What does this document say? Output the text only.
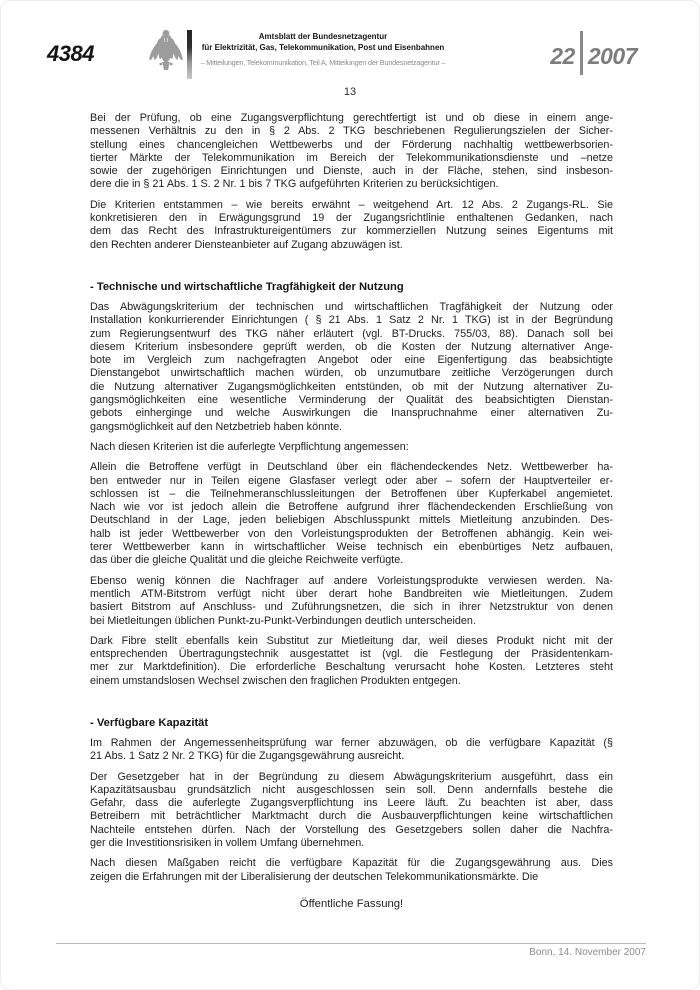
4384
Amtsblatt der Bundesnetzagentur
für Elektrizität, Gas, Telekommunikation, Post und Eisenbahnen
– Mitteilungen, Telekommunikation, Teil A, Mitteilungen der Bundesnetzagentur –	22 2007
13
Bei der Prüfung, ob eine Zugangsverpflichtung gerechtfertigt ist und ob diese in einem ange-
messenen Verhältnis zu den in § 2 Abs. 2 TKG beschriebenen Regulierungszielen der Sicher-
stellung eines chancengleichen Wettbewerbs und der Förderung nachhaltig wettbewerbsorien-
tierter Märkte der Telekommunikation im Bereich der Telekommunikationsdienste und –netze
sowie der zugehörigen Einrichtungen und Dienste, auch in der Fläche, stehen, sind insbeson-
dere die in § 21 Abs. 1 S. 2 Nr. 1 bis 7 TKG aufgeführten Kriterien zu berücksichtigen.
Die Kriterien entstammen – wie bereits erwähnt – weitgehend Art. 12 Abs. 2 Zugangs-RL. Sie
konkretisieren den in Erwägungsgrund 19 der Zugangsrichtlinie enthaltenen Gedanken, nach
dem das Recht des Infrastruktureigentümers zur kommerziellen Nutzung seines Eigentums mit
den Rechten anderer Diensteanbieter auf Zugang abzuwägen ist.
- Technische und wirtschaftliche Tragfähigkeit der Nutzung
Das Abwägungskriterium der technischen und wirtschaftlichen Tragfähigkeit der Nutzung oder
Installation konkurrierender Einrichtungen ( § 21 Abs. 1 Satz 2 Nr. 1 TKG) ist in der Begründung
zum Regierungsentwurf des TKG näher erläutert (vgl. BT-Drucks. 755/03, 88). Danach soll bei
diesem Kriterium insbesondere geprüft werden, ob die Kosten der Nutzung alternativer Ange-
bote im Vergleich zum nachgefragten Angebot oder eine Eigenfertigung das beabsichtigte
Dienstangebot unwirtschaftlich machen würden, ob unzumutbare zeitliche Verzögerungen durch
die Nutzung alternativer Zugangsmöglichkeiten entstünden, ob mit der Nutzung alternativer Zu-
gangsmöglichkeiten eine wesentliche Verminderung der Qualität des beabsichtigten Dienstan-
gebots einherginge und welche Auswirkungen die Inanspruchnahme einer alternativen Zu-
gangsmöglichkeit auf den Netzbetrieb haben könnte.
Nach diesen Kriterien ist die auferlegte Verpflichtung angemessen:
Allein die Betroffene verfügt in Deutschland über ein flächendeckendes Netz. Wettbewerber ha-
ben entweder nur in Teilen eigene Glasfaser verlegt oder aber – sofern der Hauptverteiler er-
schlossen ist – die Teilnehmeranschlussleitungen der Betroffenen über Kupferkabel angemietet.
Nach wie vor ist jedoch allein die Betroffene aufgrund ihrer flächendeckenden Erschließung von
Deutschland in der Lage, jeden beliebigen Abschlusspunkt mittels Mietleitung anzubinden. Des-
halb ist jeder Wettbewerber von den Vorleistungsprodukten der Betroffenen abhängig. Kein wei-
terer Wettbewerber kann in wirtschaftlicher Weise technisch ein ebenbürtiges Netz aufbauen,
das über die gleiche Qualität und die gleiche Reichweite verfügte.
Ebenso wenig können die Nachfrager auf andere Vorleistungsprodukte verwiesen werden. Na-
mentlich ATM-Bitstrom verfügt nicht über derart hohe Bandbreiten wie Mietleitungen. Zudem
basiert Bitstrom auf Anschluss- und Zuführungsnetzen, die sich in ihrer Netzstruktur von denen
bei Mietleitungen üblichen Punkt-zu-Punkt-Verbindungen deutlich unterscheiden.
Dark Fibre stellt ebenfalls kein Substitut zur Mietleitung dar, weil dieses Produkt nicht mit der
entsprechenden Übertragungstechnik ausgestattet ist (vgl. die Festlegung der Präsidentenkam-
mer zur Marktdefinition). Die erforderliche Beschaltung verursacht hohe Kosten. Letzteres steht
einem umstandslosen Wechsel zwischen den fraglichen Produkten entgegen.
- Verfügbare Kapazität
Im Rahmen der Angemessenheitsprüfung war ferner abzuwägen, ob die verfügbare Kapazität (§
21 Abs. 1 Satz 2 Nr. 2 TKG) für die Zugangsgewährung ausreicht.
Der Gesetzgeber hat in der Begründung zu diesem Abwägungskriterium ausgeführt, dass ein
Kapazitätsausbau grundsätzlich nicht ausgeschlossen sein soll. Denn andernfalls bestehe die
Gefahr, dass die auferlegte Zugangsverpflichtung ins Leere läuft. Zu beachten ist aber, dass
Betreibern mit beträchtlicher Marktmacht durch die Ausbauverpflichtungen keine wirtschaftlichen
Nachteile entstehen dürfen. Nach der Vorstellung des Gesetzgebers sollen daher die Nachfra-
ger die Investitionsrisiken in vollem Umfang übernehmen.
Nach diesen Maßgaben reicht die verfügbare Kapazität für die Zugangsgewährung aus. Dies
zeigen die Erfahrungen mit der Liberalisierung der deutschen Telekommunikationsmärkte. Die
Öffentliche Fassung!
Bonn, 14. November 2007
